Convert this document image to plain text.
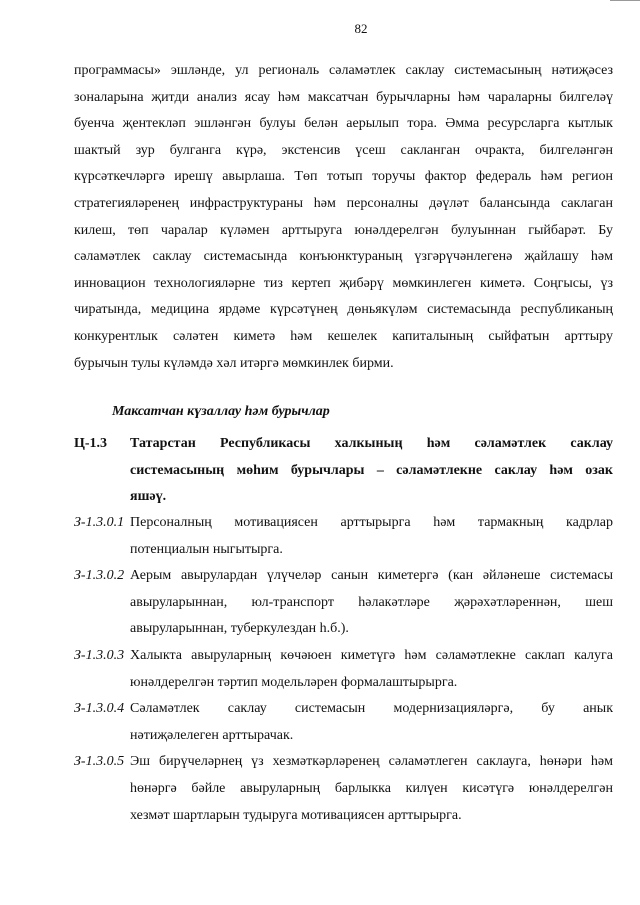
82
программасы» эшләнде, ул региональ сәламәтлек саклау системасының нәтиҗәсез
зоналарына җитди анализ ясау һәм максатчан бурычларны һәм чараларны билгеләү
буенча җентекләп эшләнгән булуы белән аерылып тора. Әмма ресурсларга кытлык
шактый зур булганга күрә, экстенсив үсеш сакланган очракта, билгеләнгән
күрсәткечләргә ирешү авырлаша. Төп тотып торучы фактор федераль һәм регион
стратегияләренең инфраструктураны һәм персоналны дәүләт балансында саклаган
килеш, төп чаралар күләмен арттыруга юнәлдерелгән булуыннан гыйбарәт. Бу
сәламәтлек саклау системасында конъюнктураның үзгәрүчәнлегенә җайлашу һәм
инновацион технологияләрне тиз кертеп җибәрү мөмкинлеген киметә. Соңгысы, үз
чиратында, медицина ярдәме күрсәтүнең дөньякүләм системасында республиканың
конкурентлык сәләтен киметә һәм кешелек капиталының сыйфатын арттыру
бурычын тулы күләмдә хәл итәргә мөмкинлек бирми.
Максатчан күзаллау һәм бурычлар
Ц-1.3 Татарстан Республикасы халкының һәм сәламәтлек саклау
системасының мөһим бурычлары – сәламәтлекне саклау һәм озак
яшәү.
З-1.3.0.1 Персоналның мотивациясен арттырырга һәм тармакның кадрлар
потенциалын ныгытырга.
З-1.3.0.2 Аерым авырулардан үлүчеләр санын киметергә (кан әйләнеше системасы
авыруларыннан, юл-транспорт һәлакәтләре җәрәхәтләреннән, шеш
авыруларыннан, туберкулездан һ.б.).
З-1.3.0.3 Халыкта авыруларның көчәюен киметүгә һәм сәламәтлекне саклап калуга
юнәлдерелгән тәртип модельләрен формалаштырырга.
З-1.3.0.4 Сәламәтлек саклау системасын модернизацияләргә, бу анык
нәтиҗәлелеген арттырачак.
З-1.3.0.5 Эш бирүчеләрнең үз хезмәткәрләренең сәламәтлеген саклауга, һөнәри һәм
һөнәргә бәйле авыруларның барлыкка килүен кисәтүгә юнәлдерелгән
хезмәт шартларын тудыруга мотивациясен арттырырга.
